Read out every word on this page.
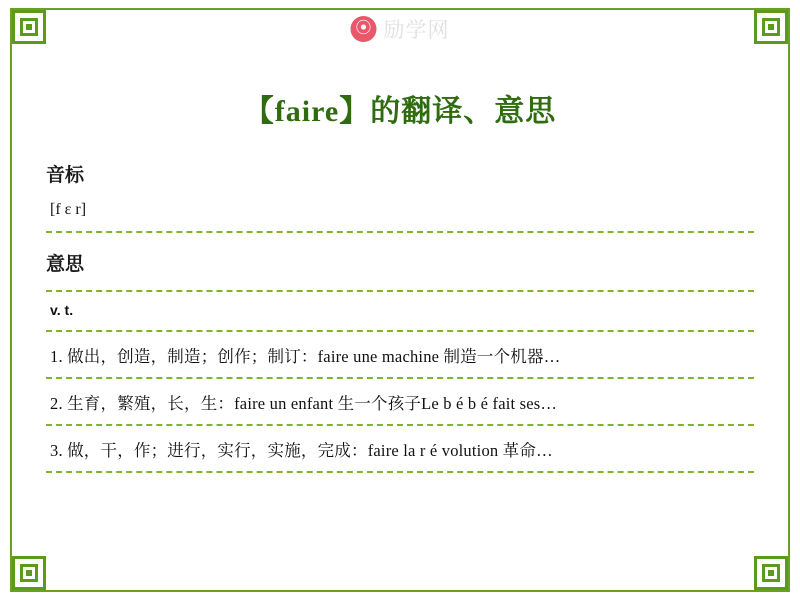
⦿ 励学网
【faire】的翻译、意思
音标
[f ɛ r]
意思
v. t.
1. 做出，创造，制造；创作；制订：faire une machine 制造一个机器…
2. 生育，繁殖，长，生：faire un enfant 生一个孩子Le b é b é fait ses…
3. 做，干，作；进行，实行，实施，完成：faire la r é volution 革命…
